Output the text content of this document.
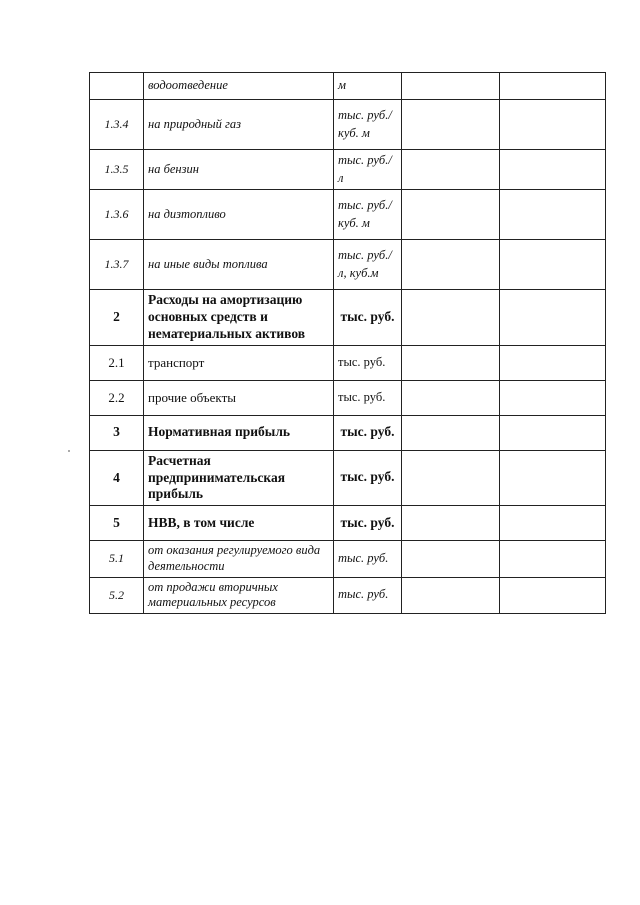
	водоотведение	м		
1.3.4	на природный газ	тыс. руб./куб. м		
1.3.5	на бензин	тыс. руб./л		
1.3.6	на дизтопливо	тыс. руб./куб. м		
1.3.7	на иные виды топлива	тыс. руб./л, куб.м		
2	Расходы на амортизацию основных средств и нематериальных активов	тыс. руб.		
2.1	транспорт	тыс. руб.		
2.2	прочие объекты	тыс. руб.		
3	Нормативная прибыль	тыс. руб.		
4	Расчетная предпринимательская прибыль	тыс. руб.		
5	НВВ, в том числе	тыс. руб.		
5.1	от оказания регулируемого вида деятельности	тыс. руб.		
5.2	от продажи вторичных материальных ресурсов	тыс. руб.		
